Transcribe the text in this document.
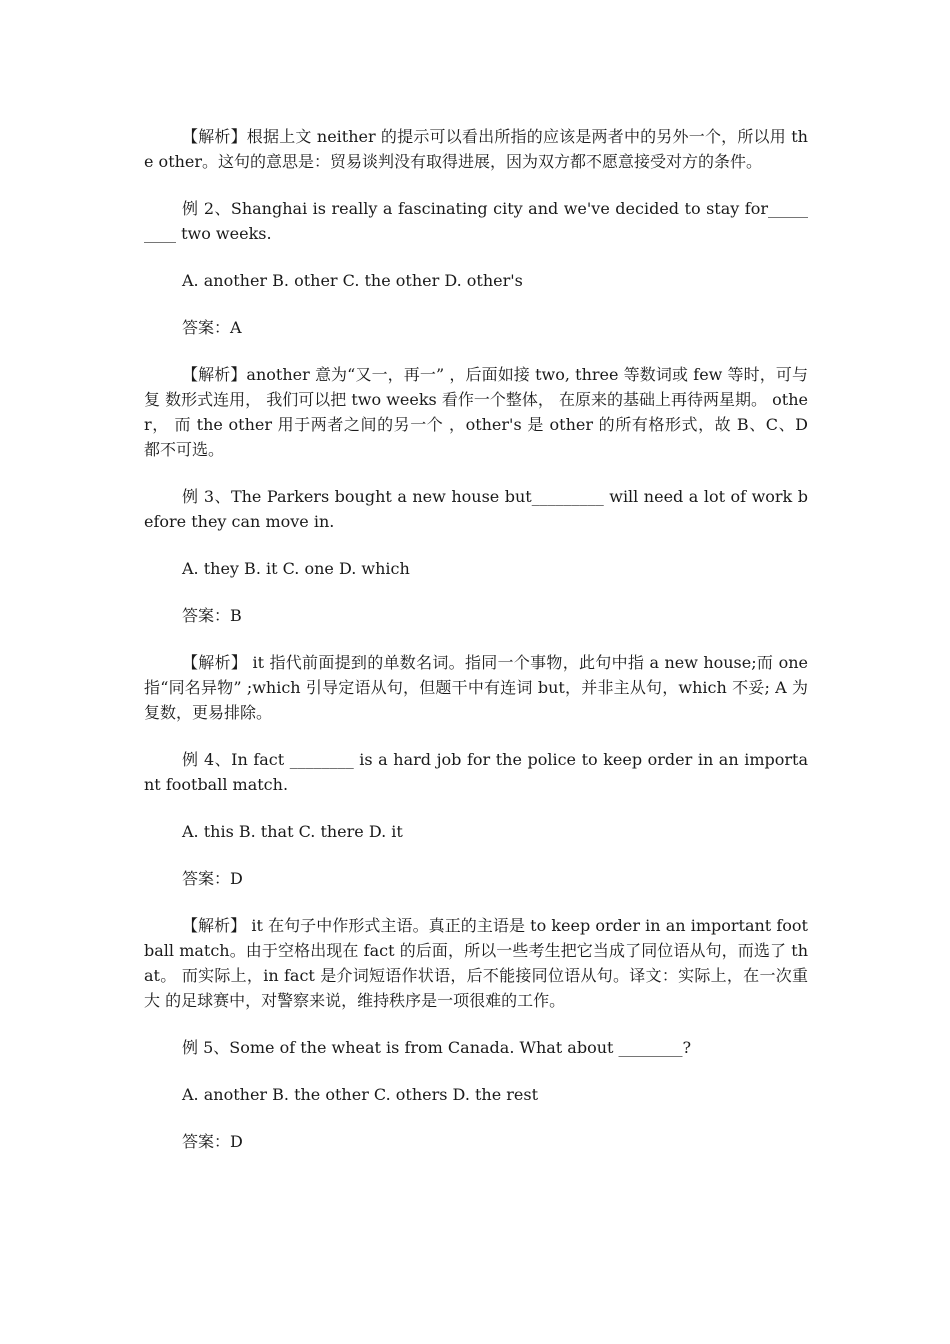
【解析】根据上文 neither 的提示可以看出所指的应该是两者中的另外一个，所以用 the other。这句的意思是：贸易谈判没有取得进展，因为双方都不愿意接受对方的条件。

例 2、Shanghai is really a fascinating city and we've decided to stay for_________ two weeks.

A. another B. other C. the other D. other's

答案：A

【解析】another 意为“又一，再一” ，后面如接 two, three 等数词或 few 等时，可与复 数形式连用， 我们可以把 two weeks 看作一个整体， 在原来的基础上再待两星期。 other， 而 the other 用于两者之间的另一个 ，other's 是 other 的所有格形式，故 B、C、D 都不可选。

例 3、The Parkers bought a new house but_________ will need a lot of work before they can move in.

A. they B. it C. one D. which

答案：B

【解析】 it 指代前面提到的单数名词。指同一个事物，此句中指 a new house;而 one 指“同名异物” ;which 引导定语从句，但题干中有连词 but，并非主从句，which 不妥; A 为复数，更易排除。

例 4、In fact ________ is a hard job for the police to keep order in an important football match.

A. this B. that C. there D. it

答案：D

【解析】 it 在句子中作形式主语。真正的主语是 to keep order in an important football match。由于空格出现在 fact 的后面，所以一些考生把它当成了同位语从句，而选了 that。 而实际上，in fact 是介词短语作状语，后不能接同位语从句。译文：实际上，在一次重大 的足球赛中，对警察来说，维持秩序是一项很难的工作。

例 5、Some of the wheat is from Canada. What about ________?

A. another B. the other C. others D. the rest

答案：D
